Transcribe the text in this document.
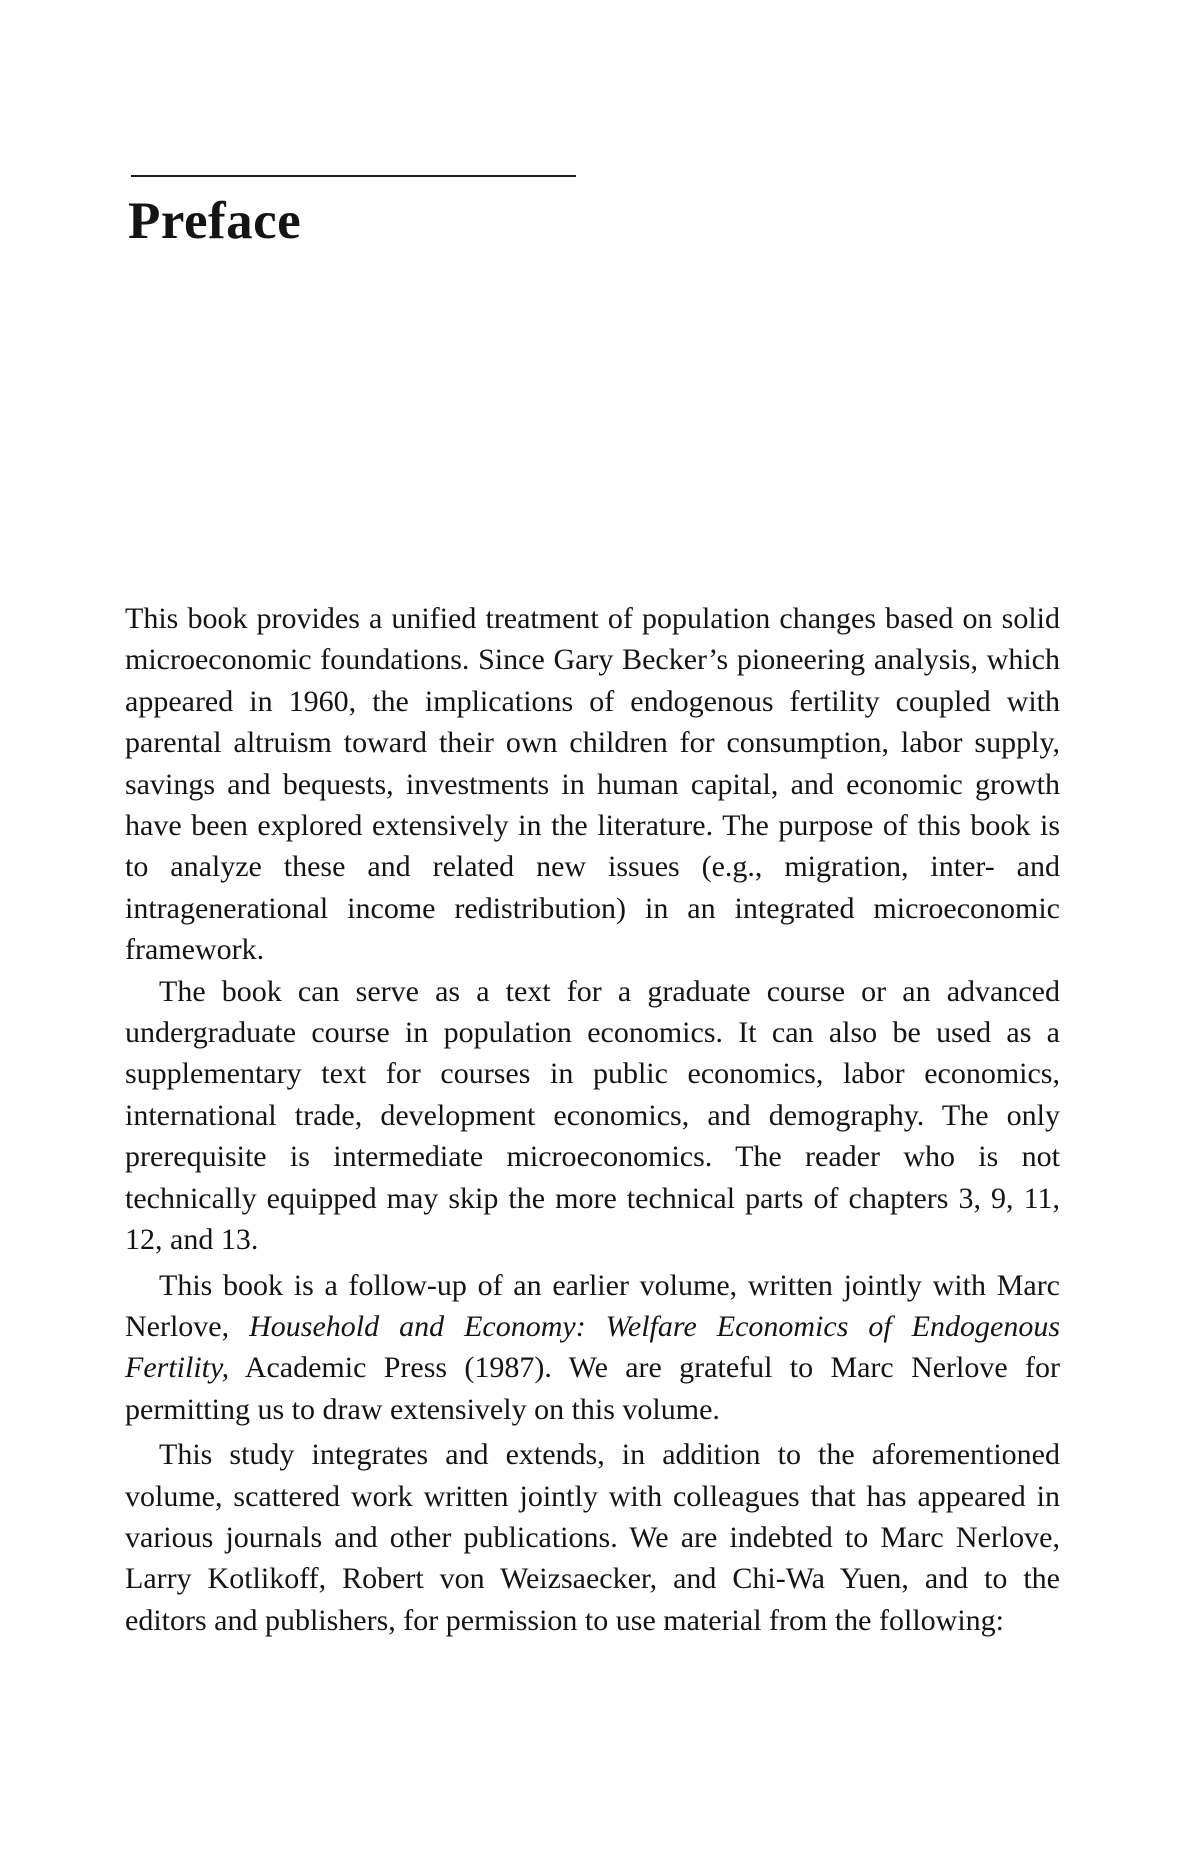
Preface

This book provides a unified treatment of population changes based on solid microeconomic foundations. Since Gary Becker’s pioneering analysis, which appeared in 1960, the implications of endogenous fertility coupled with parental altruism toward their own children for consumption, labor supply, savings and bequests, investments in human capital, and economic growth have been explored extensively in the literature. The purpose of this book is to analyze these and related new issues (e.g., migration, inter- and intragenerational income redistribution) in an integrated microeconomic framework.

The book can serve as a text for a graduate course or an advanced undergraduate course in population economics. It can also be used as a supplementary text for courses in public economics, labor economics, international trade, development economics, and demography. The only prerequisite is intermediate microeconomics. The reader who is not technically equipped may skip the more technical parts of chapters 3, 9, 11, 12, and 13.

This book is a follow-up of an earlier volume, written jointly with Marc Nerlove, Household and Economy: Welfare Economics of Endogenous Fertility, Academic Press (1987). We are grateful to Marc Nerlove for permitting us to draw extensively on this volume.

This study integrates and extends, in addition to the aforementioned volume, scattered work written jointly with colleagues that has appeared in various journals and other publications. We are indebted to Marc Nerlove, Larry Kotlikoff, Robert von Weizsaecker, and Chi-Wa Yuen, and to the editors and publishers, for permission to use material from the following:
